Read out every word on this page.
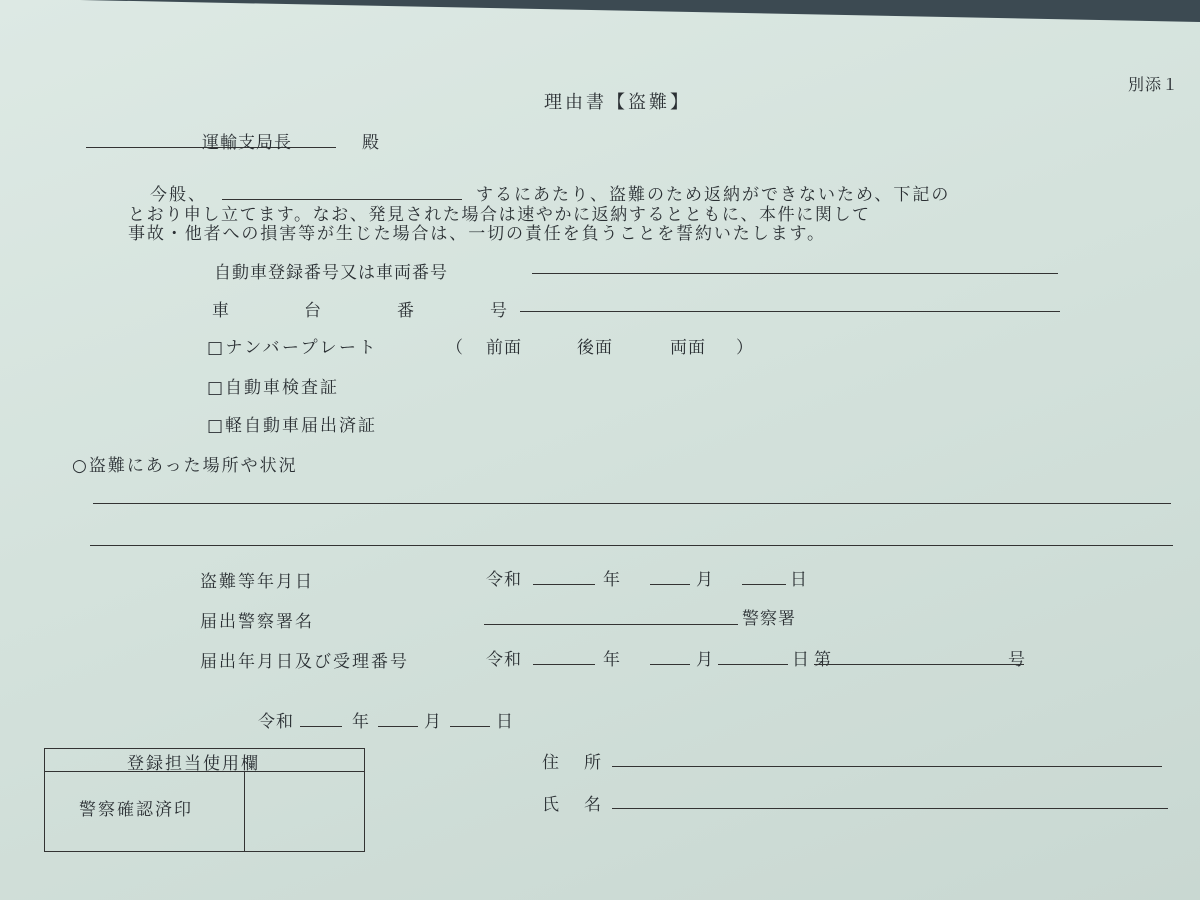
別添１
理由書【盗難】
運輸支局長	殿
今般、	するにあたり、盗難のため返納ができないため、下記の
とおり申し立てます。なお、発見された場合は速やかに返納するとともに、本件に関して
事故・他者への損害等が生じた場合は、一切の責任を負うことを誓約いたします。
自動車登録番号又は車両番号
車	台	番	号
□ナンバープレート	（ 前面	後面	両面 ）
□自動車検査証
□軽自動車届出済証
○盗難にあった場所や状況
盗難等年月日	令和	年	月	日
届出警察署名	警察署
届出年月日及び受理番号	令和	年	月	日 第	号
令和	年	月	日
住　所
氏　名
登録担当使用欄
警察確認済印
